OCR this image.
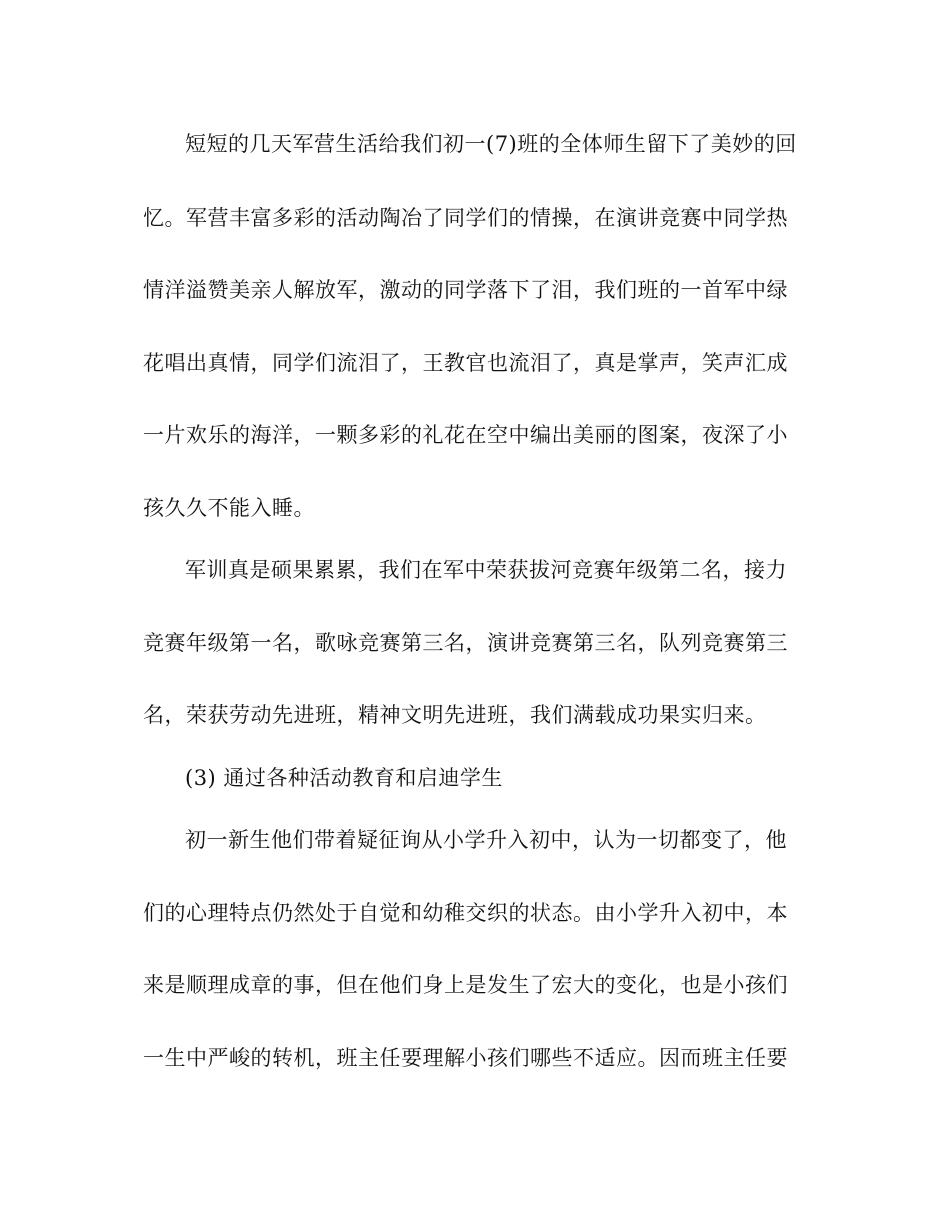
短短的几天军营生活给我们初一(7)班的全体师生留下了美妙的回
忆。军营丰富多彩的活动陶冶了同学们的情操，在演讲竞赛中同学热
情洋溢赞美亲人解放军，激动的同学落下了泪，我们班的一首军中绿
花唱出真情，同学们流泪了，王教官也流泪了，真是掌声，笑声汇成
一片欢乐的海洋，一颗多彩的礼花在空中编出美丽的图案，夜深了小
孩久久不能入睡。
军训真是硕果累累，我们在军中荣获拔河竞赛年级第二名，接力
竞赛年级第一名，歌咏竞赛第三名，演讲竞赛第三名，队列竞赛第三
名，荣获劳动先进班，精神文明先进班，我们满载成功果实归来。
(3) 通过各种活动教育和启迪学生
初一新生他们带着疑征询从小学升入初中，认为一切都变了，他
们的心理特点仍然处于自觉和幼稚交织的状态。由小学升入初中，本
来是顺理成章的事，但在他们身上是发生了宏大的变化，也是小孩们
一生中严峻的转机，班主任要理解小孩们哪些不适应。因而班主任要
